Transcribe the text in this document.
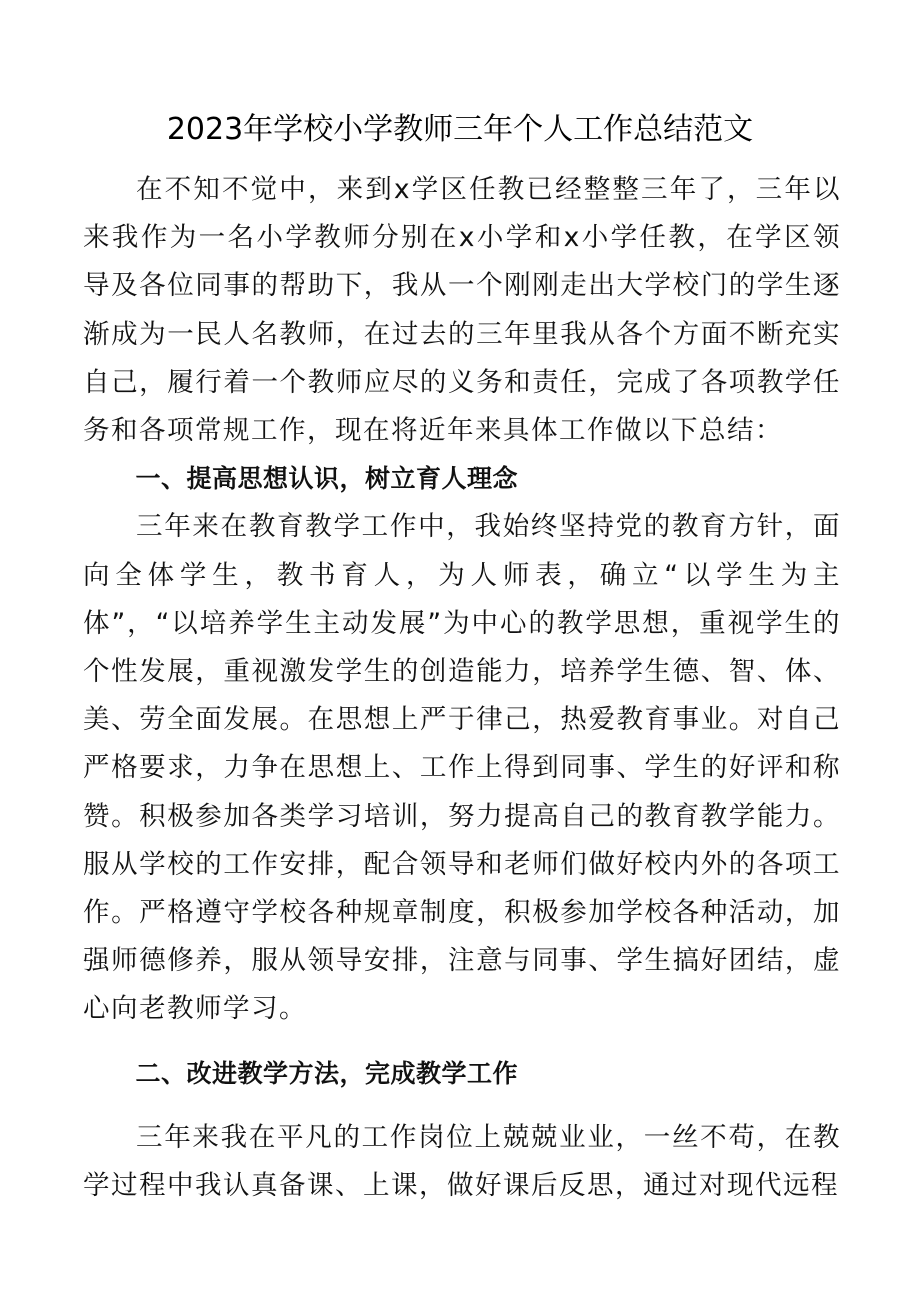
2023年学校小学教师三年个人工作总结范文

在不知不觉中，来到x学区任教已经整整三年了，三年以来我作为一名小学教师分别在x小学和x小学任教，在学区领导及各位同事的帮助下，我从一个刚刚走出大学校门的学生逐渐成为一民人名教师，在过去的三年里我从各个方面不断充实自己，履行着一个教师应尽的义务和责任，完成了各项教学任务和各项常规工作，现在将近年来具体工作做以下总结：

一、提高思想认识，树立育人理念

三年来在教育教学工作中，我始终坚持党的教育方针，面向全体学生，教书育人，为人师表，确立“以学生为主体”，“以培养学生主动发展”为中心的教学思想，重视学生的个性发展，重视激发学生的创造能力，培养学生德、智、体、美、劳全面发展。在思想上严于律己，热爱教育事业。对自己严格要求，力争在思想上、工作上得到同事、学生的好评和称赞。积极参加各类学习培训，努力提高自己的教育教学能力。服从学校的工作安排，配合领导和老师们做好校内外的各项工作。严格遵守学校各种规章制度，积极参加学校各种活动，加强师德修养，服从领导安排，注意与同事、学生搞好团结，虚心向老教师学习。

二、改进教学方法，完成教学工作

三年来我在平凡的工作岗位上兢兢业业，一丝不苟，在教学过程中我认真备课、上课，做好课后反思，通过对现代远程
